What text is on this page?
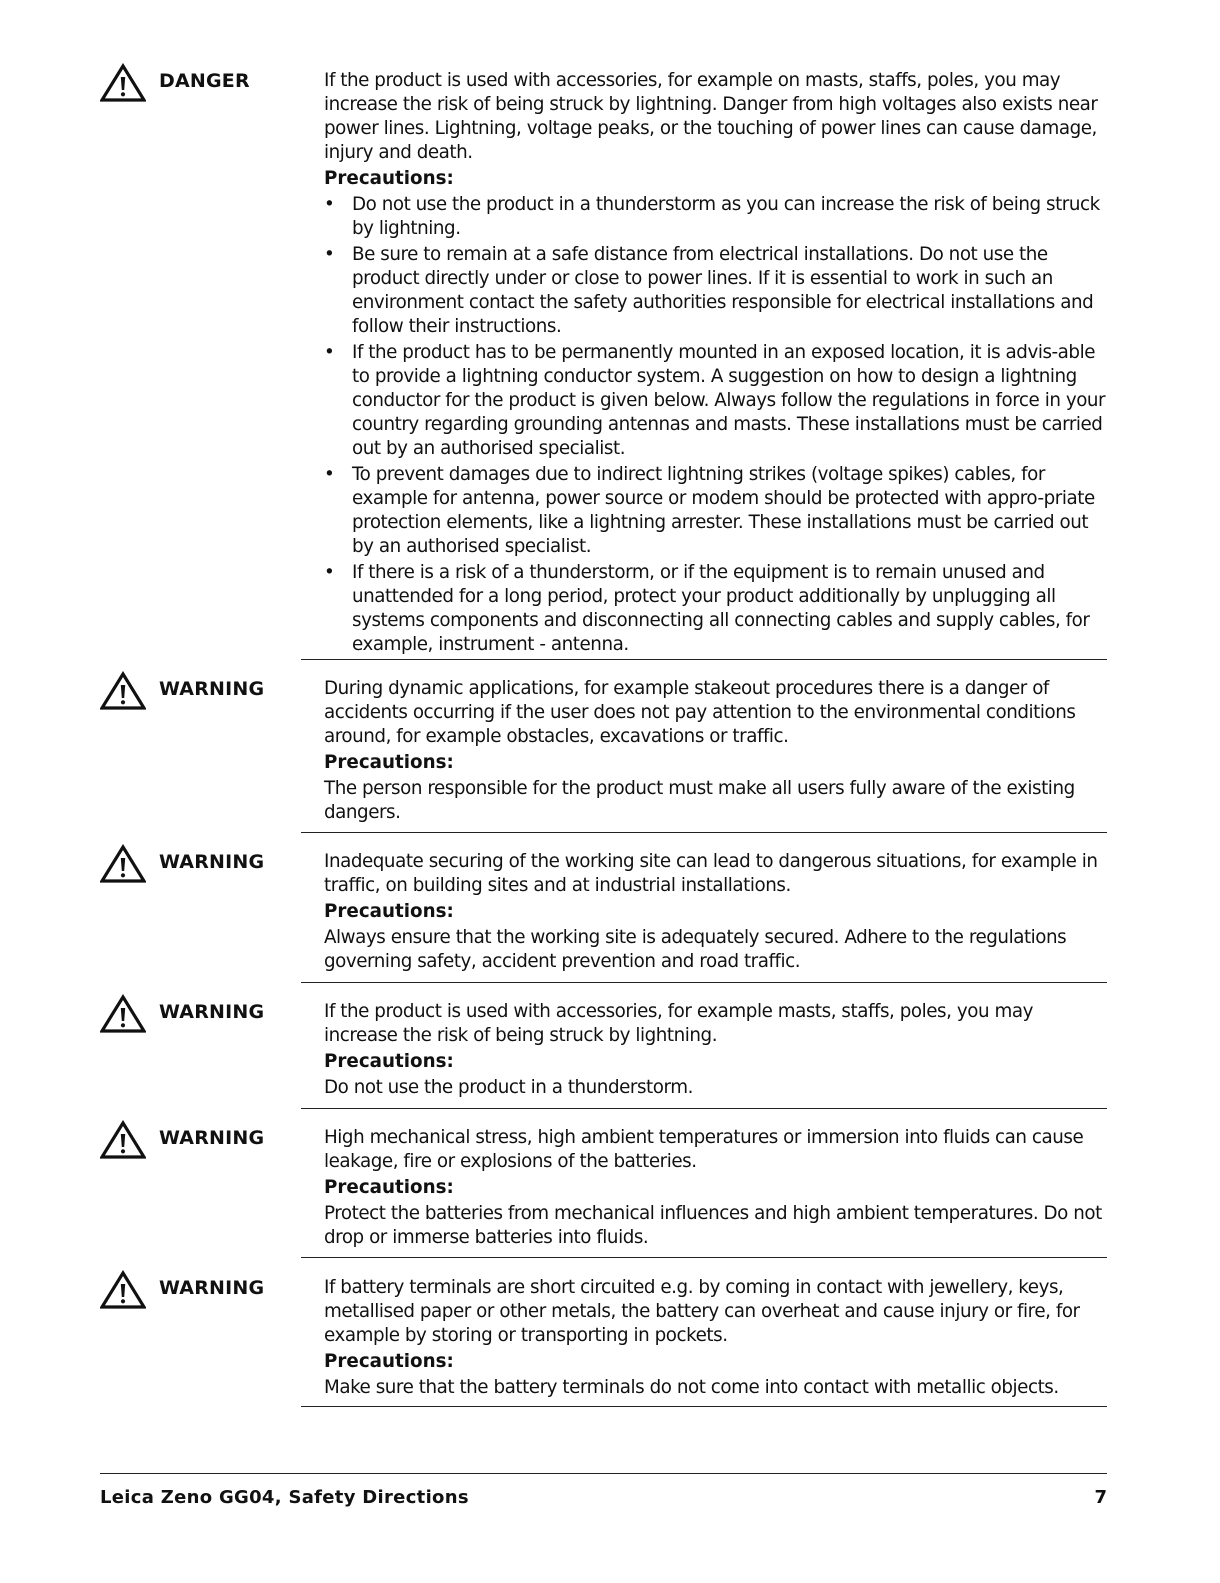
DANGER	If the product is used with accessories, for example on masts, staffs, poles, you may increase the risk of being struck by lightning. Danger from high voltages also exists near power lines. Lightning, voltage peaks, or the touching of power lines can cause damage, injury and death.

Precautions:

• Do not use the product in a thunderstorm as you can increase the risk of being struck by lightning.
• Be sure to remain at a safe distance from electrical installations. Do not use the product directly under or close to power lines. If it is essential to work in such an environment contact the safety authorities responsible for electrical installations and follow their instructions.
• If the product has to be permanently mounted in an exposed location, it is advis-able to provide a lightning conductor system. A suggestion on how to design a lightning conductor for the product is given below. Always follow the regulations in force in your country regarding grounding antennas and masts. These installations must be carried out by an authorised specialist.
• To prevent damages due to indirect lightning strikes (voltage spikes) cables, for example for antenna, power source or modem should be protected with appro-priate protection elements, like a lightning arrester. These installations must be carried out by an authorised specialist.
• If there is a risk of a thunderstorm, or if the equipment is to remain unused and unattended for a long period, protect your product additionally by unplugging all systems components and disconnecting all connecting cables and supply cables, for example, instrument - antenna.
WARNING	During dynamic applications, for example stakeout procedures there is a danger of accidents occurring if the user does not pay attention to the environmental conditions around, for example obstacles, excavations or traffic.

Precautions:

The person responsible for the product must make all users fully aware of the existing dangers.

WARNING	Inadequate securing of the working site can lead to dangerous situations, for example in traffic, on building sites and at industrial installations.

Precautions:

Always ensure that the working site is adequately secured. Adhere to the regulations governing safety, accident prevention and road traffic.

WARNING	If the product is used with accessories, for example masts, staffs, poles, you may increase the risk of being struck by lightning.

Precautions:

Do not use the product in a thunderstorm.

WARNING	High mechanical stress, high ambient temperatures or immersion into fluids can cause leakage, fire or explosions of the batteries.

Precautions:

Protect the batteries from mechanical influences and high ambient temperatures. Do not drop or immerse batteries into fluids.

WARNING	If battery terminals are short circuited e.g. by coming in contact with jewellery, keys, metallised paper or other metals, the battery can overheat and cause injury or fire, for example by storing or transporting in pockets.

Precautions:

Make sure that the battery terminals do not come into contact with metallic objects.

Leica Zeno GG04, Safety Directions	7
